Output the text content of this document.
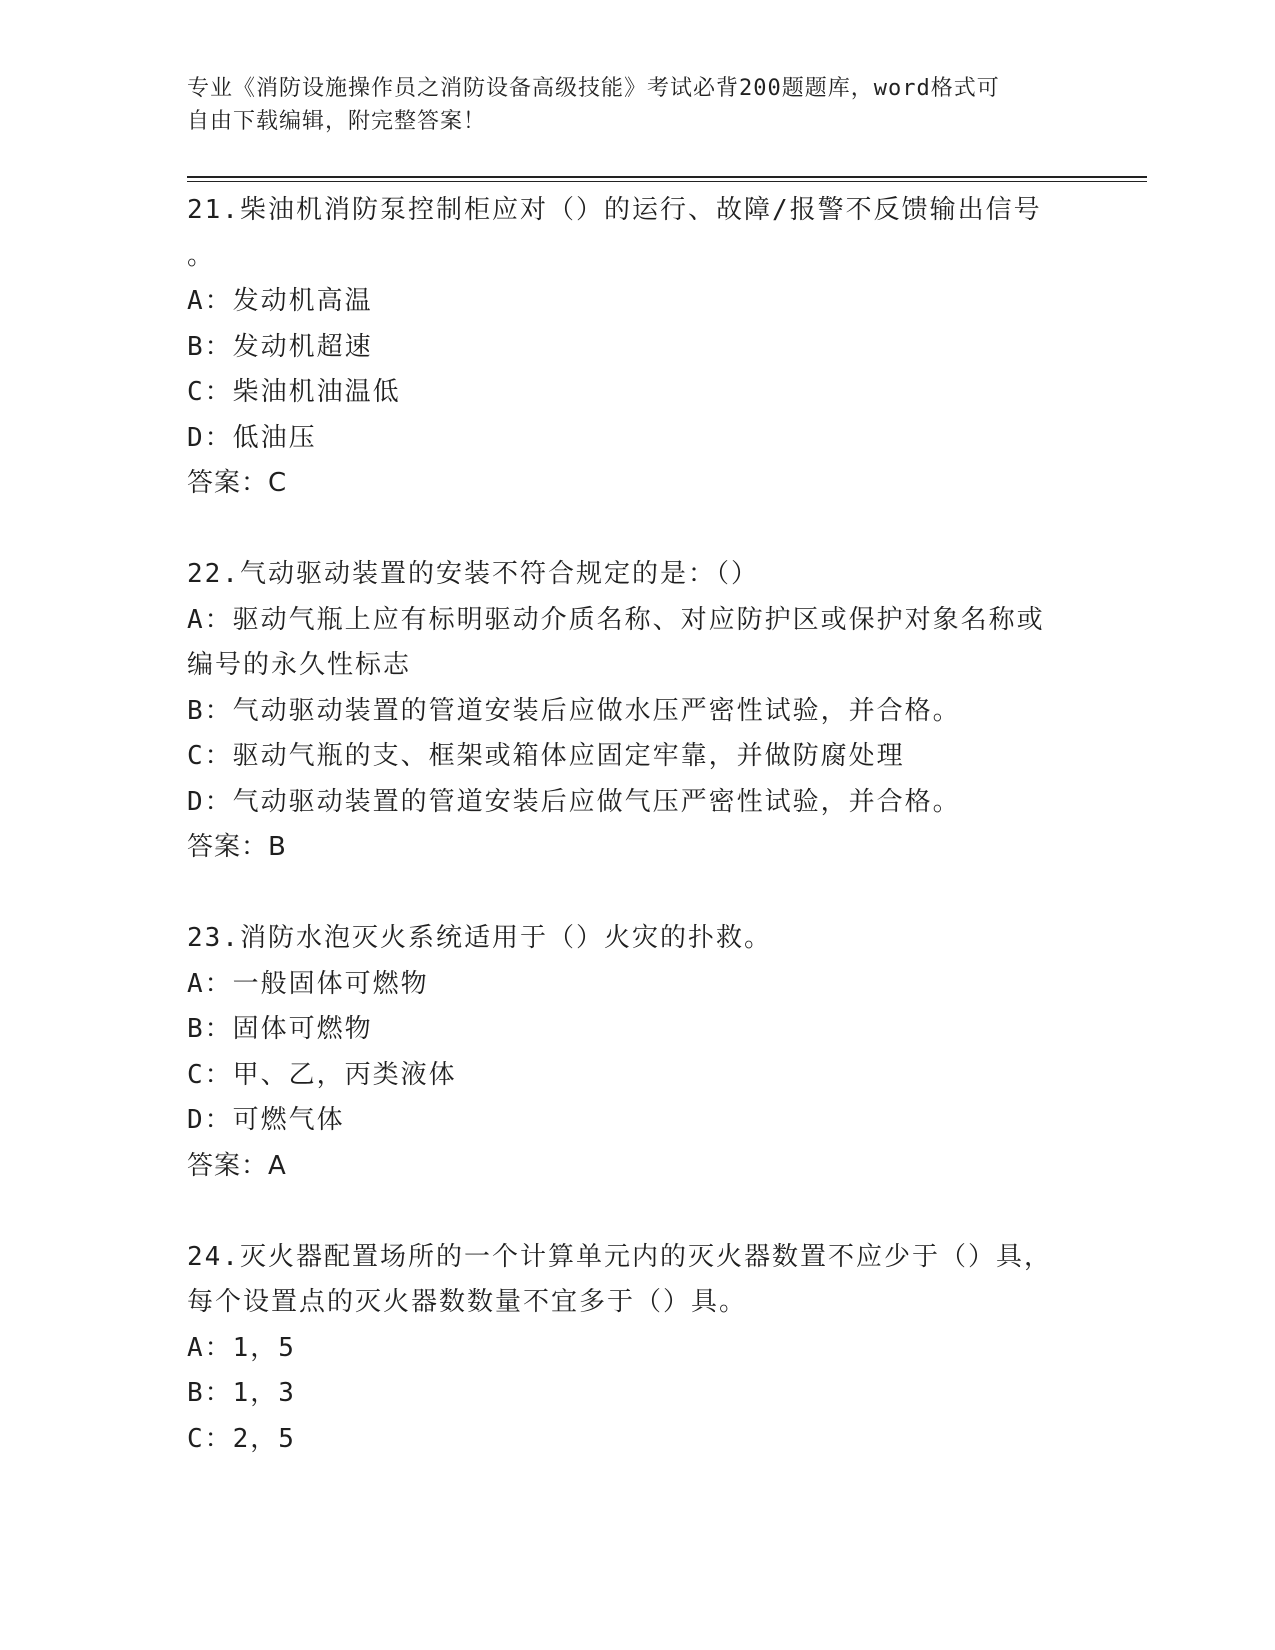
专业《消防设施操作员之消防设备高级技能》考试必背200题题库，word格式可
自由下载编辑，附完整答案！
21.柴油机消防泵控制柜应对（）的运行、故障/报警不反馈输出信号
。
A：发动机高温
B：发动机超速
C：柴油机油温低
D：低油压
答案：C
22.气动驱动装置的安装不符合规定的是：（）
A：驱动气瓶上应有标明驱动介质名称、对应防护区或保护对象名称或
编号的永久性标志
B：气动驱动装置的管道安装后应做水压严密性试验，并合格。
C：驱动气瓶的支、框架或箱体应固定牢靠，并做防腐处理
D：气动驱动装置的管道安装后应做气压严密性试验，并合格。
答案：B
23.消防水泡灭火系统适用于（）火灾的扑救。
A：一般固体可燃物
B：固体可燃物
C：甲、乙，丙类液体
D：可燃气体
答案：A
24.灭火器配置场所的一个计算单元内的灭火器数置不应少于（）具，
每个设置点的灭火器数数量不宜多于（）具。
A：1，5
B：1，3
C：2，5
